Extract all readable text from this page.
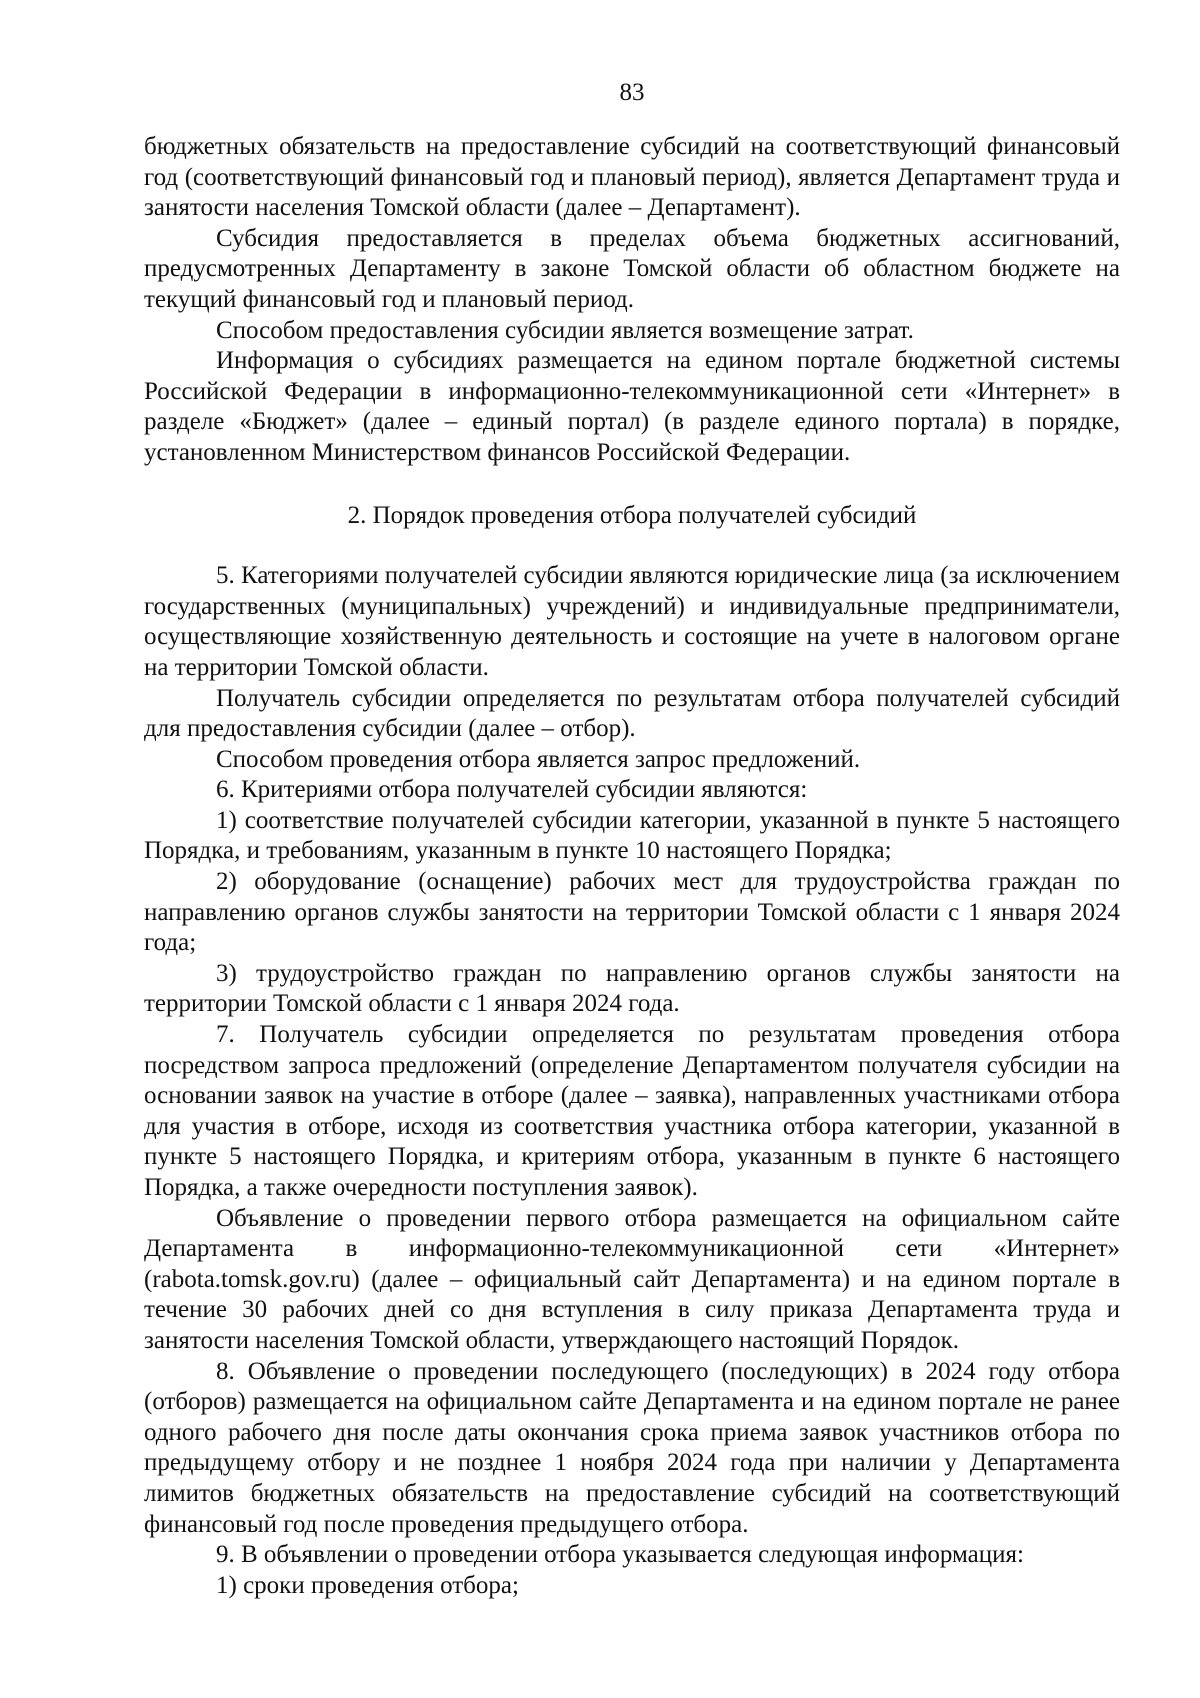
83

бюджетных обязательств на предоставление субсидий на соответствующий финансовый год (соответствующий финансовый год и плановый период), является Департамент труда и занятости населения Томской области (далее – Департамент).

Субсидия предоставляется в пределах объема бюджетных ассигнований, предусмотренных Департаменту в законе Томской области об областном бюджете на текущий финансовый год и плановый период.

Способом предоставления субсидии является возмещение затрат.

Информация о субсидиях размещается на едином портале бюджетной системы Российской Федерации в информационно-телекоммуникационной сети «Интернет» в разделе «Бюджет» (далее – единый портал) (в разделе единого портала) в порядке, установленном Министерством финансов Российской Федерации.

2. Порядок проведения отбора получателей субсидий

5. Категориями получателей субсидии являются юридические лица (за исключением государственных (муниципальных) учреждений) и индивидуальные предприниматели, осуществляющие хозяйственную деятельность и состоящие на учете в налоговом органе на территории Томской области.

Получатель субсидии определяется по результатам отбора получателей субсидий для предоставления субсидии (далее – отбор).

Способом проведения отбора является запрос предложений.

6. Критериями отбора получателей субсидии являются:

1) соответствие получателей субсидии категории, указанной в пункте 5 настоящего Порядка, и требованиям, указанным в пункте 10 настоящего Порядка;

2) оборудование (оснащение) рабочих мест для трудоустройства граждан по направлению органов службы занятости на территории Томской области с 1 января 2024 года;

3) трудоустройство граждан по направлению органов службы занятости на территории Томской области с 1 января 2024 года.

7. Получатель субсидии определяется по результатам проведения отбора посредством запроса предложений (определение Департаментом получателя субсидии на основании заявок на участие в отборе (далее – заявка), направленных участниками отбора для участия в отборе, исходя из соответствия участника отбора категории, указанной в пункте 5 настоящего Порядка, и критериям отбора, указанным в пункте 6 настоящего Порядка, а также очередности поступления заявок).

Объявление о проведении первого отбора размещается на официальном сайте Департамента в информационно-телекоммуникационной сети «Интернет» (rabota.tomsk.gov.ru) (далее – официальный сайт Департамента) и на едином портале в течение 30 рабочих дней со дня вступления в силу приказа Департамента труда и занятости населения Томской области, утверждающего настоящий Порядок.

8. Объявление о проведении последующего (последующих) в 2024 году отбора (отборов) размещается на официальном сайте Департамента и на едином портале не ранее одного рабочего дня после даты окончания срока приема заявок участников отбора по предыдущему отбору и не позднее 1 ноября 2024 года при наличии у Департамента лимитов бюджетных обязательств на предоставление субсидий на соответствующий финансовый год после проведения предыдущего отбора.

9. В объявлении о проведении отбора указывается следующая информация:

1) сроки проведения отбора;
